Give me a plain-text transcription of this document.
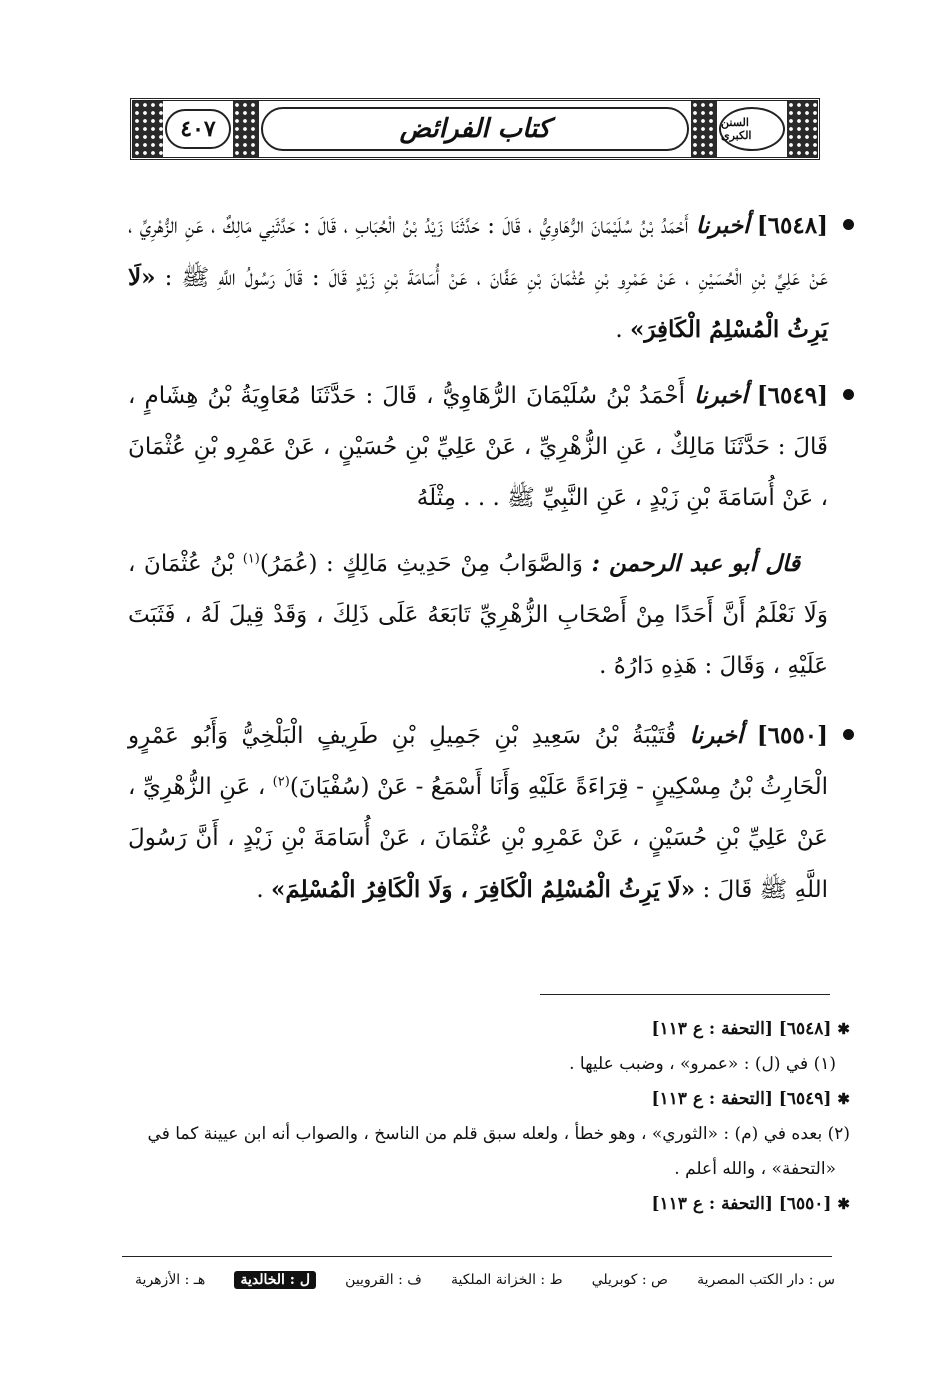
٤٠٧	كتاب الفرائض	السنن الكبرى
[٦٥٤٨] أخبرنا أَحْمَدُ بْنُ سُلَيْمَانَ الرُّهَاوِيُّ ، قَالَ : حَدَّثَنَا زَيْدُ بْنُ الْحُبَابِ ، قَالَ : حَدَّثَنِي مَالِكٌ ، عَنِ الزُّهْرِيِّ ، عَنْ عَلِيِّ بْنِ الْحُسَيْنِ ، عَنْ عَمْرِو بْنِ عُثْمَانَ بْنِ عَفَّانَ ، عَنْ أُسَامَةَ بْنِ زَيْدٍ قَالَ : قَالَ رَسُولُ اللَّهِ ﷺ : «لَا يَرِثُ الْمُسْلِمُ الْكَافِرَ» .
[٦٥٤٩] أخبرنا أَحْمَدُ بْنُ سُلَيْمَانَ الرُّهَاوِيُّ ، قَالَ : حَدَّثَنَا مُعَاوِيَةُ بْنُ هِشَامٍ ، قَالَ : حَدَّثَنَا مَالِكٌ ، عَنِ الزُّهْرِيِّ ، عَنْ عَلِيِّ بْنِ حُسَيْنٍ ، عَنْ عَمْرِو بْنِ عُثْمَانَ ، عَنْ أُسَامَةَ بْنِ زَيْدٍ ، عَنِ النَّبِيِّ ﷺ . . . مِثْلَهُ
قال أبو عبد الرحمن : وَالصَّوَابُ مِنْ حَدِيثِ مَالِكٍ : (عُمَرُ)$^{(١)}$ بْنُ عُثْمَانَ ، وَلَا نَعْلَمُ أَنَّ أَحَدًا مِنْ أَصْحَابِ الزُّهْرِيِّ تَابَعَهُ عَلَى ذَلِكَ ، وَقَدْ قِيلَ لَهُ ، فَثَبَتَ عَلَيْهِ ، وَقَالَ : هَذِهِ دَارُهُ .
[٦٥٥٠] أخبرنا قُتَيْبَةُ بْنُ سَعِيدِ بْنِ جَمِيلِ بْنِ طَرِيفٍ الْبَلْخِيُّ وَأَبُو عَمْرٍو الْحَارِثُ بْنُ مِسْكِينٍ - قِرَاءَةً عَلَيْهِ وَأَنَا أَسْمَعُ - عَنْ (سُفْيَانَ)$^{(٢)}$ ، عَنِ الزُّهْرِيِّ ، عَنْ عَلِيِّ بْنِ حُسَيْنٍ ، عَنْ عَمْرِو بْنِ عُثْمَانَ ، عَنْ أُسَامَةَ بْنِ زَيْدٍ ، أَنَّ رَسُولَ اللَّهِ ﷺ قَالَ : «لَا يَرِثُ الْمُسْلِمُ الْكَافِرَ ، وَلَا الْكَافِرُ الْمُسْلِمَ» .
✱[٦٥٤٨] [التحفة : ع ١١٣]
(١) في (ل) : «عمرو» ، وضبب عليها .
✱[٦٥٤٩] [التحفة : ع ١١٣]
(٢) بعده في (م) : «الثوري» ، وهو خطأ ، ولعله سبق قلم من الناسخ ، والصواب أنه ابن عيينة كما في
«التحفة» ، والله أعلم .
✱[٦٥٥٠] [التحفة : ع ١١٣]
س : دار الكتب المصرية
ص : كوبريلي
ط : الخزانة الملكية
ف : القرويين
ل : الخالدية
هـ : الأزهرية
